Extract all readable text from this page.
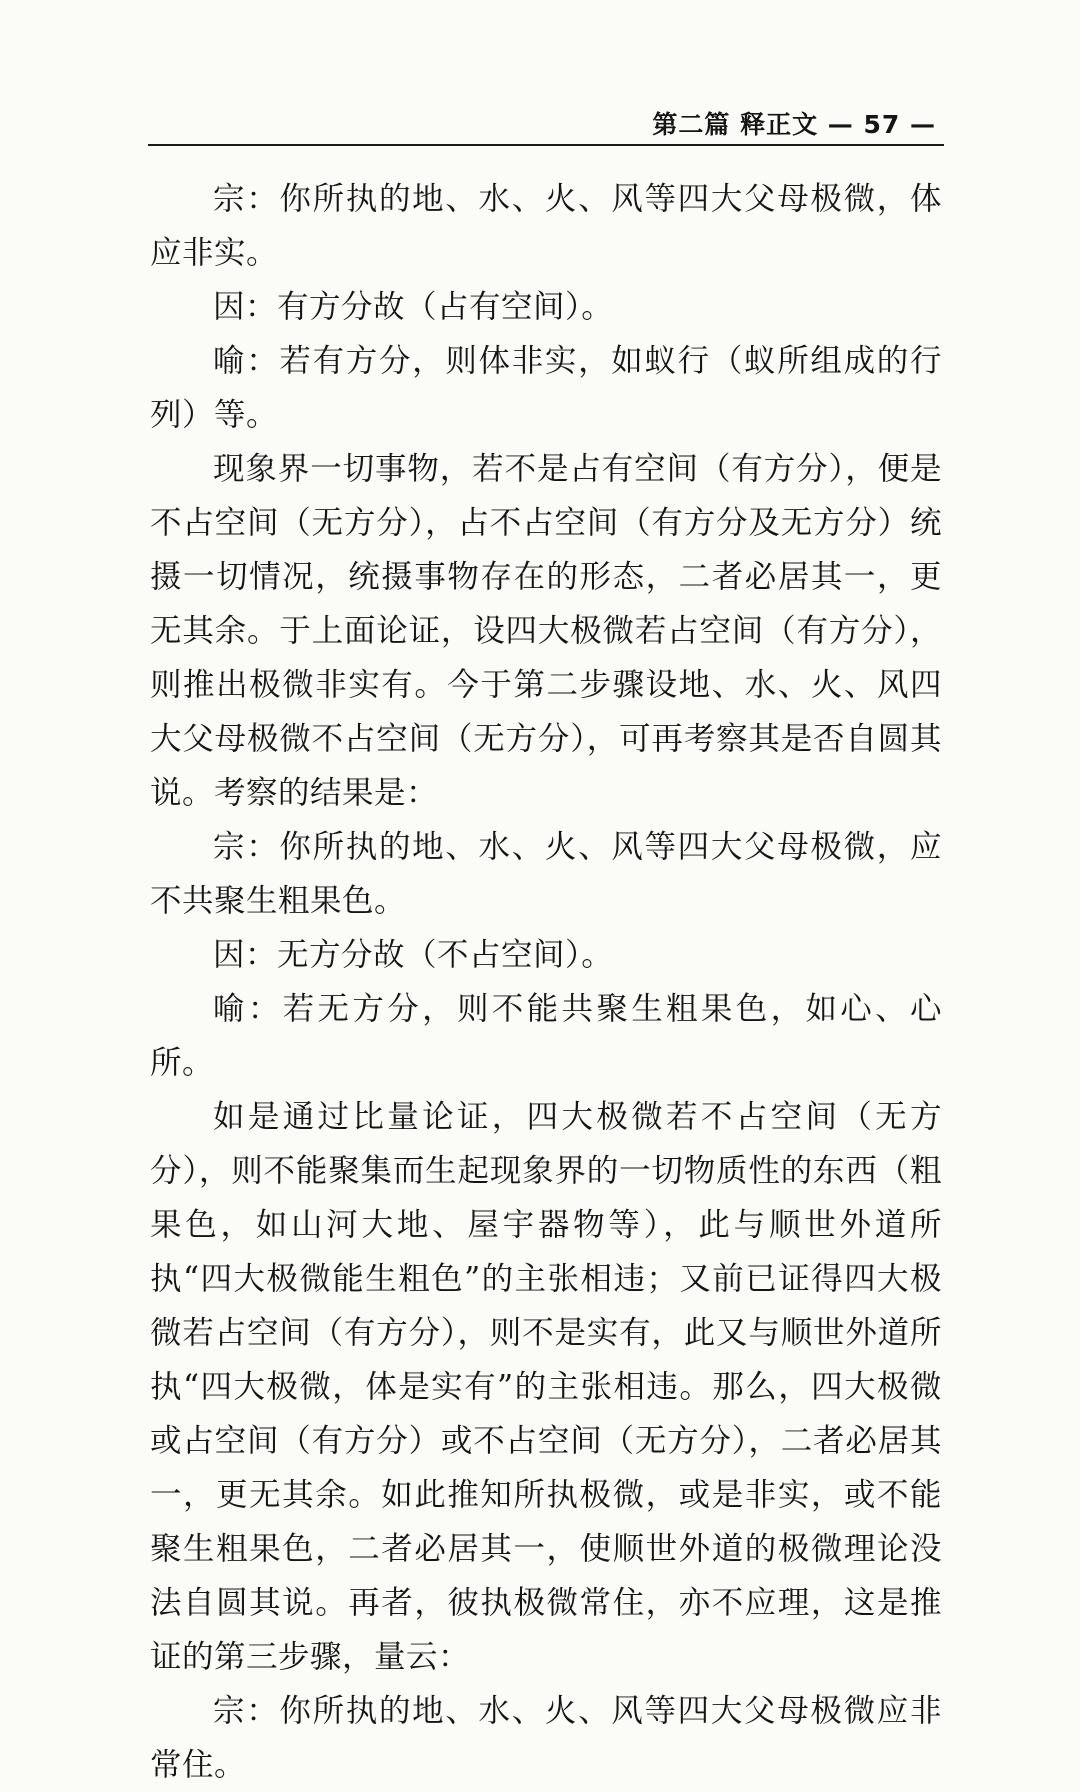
第二篇 释正文 — 57 —

宗：你所执的地、水、火、风等四大父母极微，体应非实。

因：有方分故（占有空间）。

喻：若有方分，则体非实，如蚁行（蚁所组成的行列）等。

现象界一切事物，若不是占有空间（有方分），便是不占空间（无方分），占不占空间（有方分及无方分）统摄一切情况，统摄事物存在的形态，二者必居其一，更无其余。于上面论证，设四大极微若占空间（有方分），则推出极微非实有。今于第二步骤设地、水、火、风四大父母极微不占空间（无方分），可再考察其是否自圆其说。考察的结果是：

宗：你所执的地、水、火、风等四大父母极微，应不共聚生粗果色。

因：无方分故（不占空间）。

喻：若无方分，则不能共聚生粗果色，如心、心所。

如是通过比量论证，四大极微若不占空间（无方分），则不能聚集而生起现象界的一切物质性的东西（粗果色，如山河大地、屋宇器物等），此与顺世外道所执“四大极微能生粗色”的主张相违；又前已证得四大极微若占空间（有方分），则不是实有，此又与顺世外道所执“四大极微，体是实有”的主张相违。那么，四大极微或占空间（有方分）或不占空间（无方分），二者必居其一，更无其余。如此推知所执极微，或是非实，或不能聚生粗果色，二者必居其一，使顺世外道的极微理论没法自圆其说。再者，彼执极微常住，亦不应理，这是推证的第三步骤，量云：

宗：你所执的地、水、火、风等四大父母极微应非常住。
